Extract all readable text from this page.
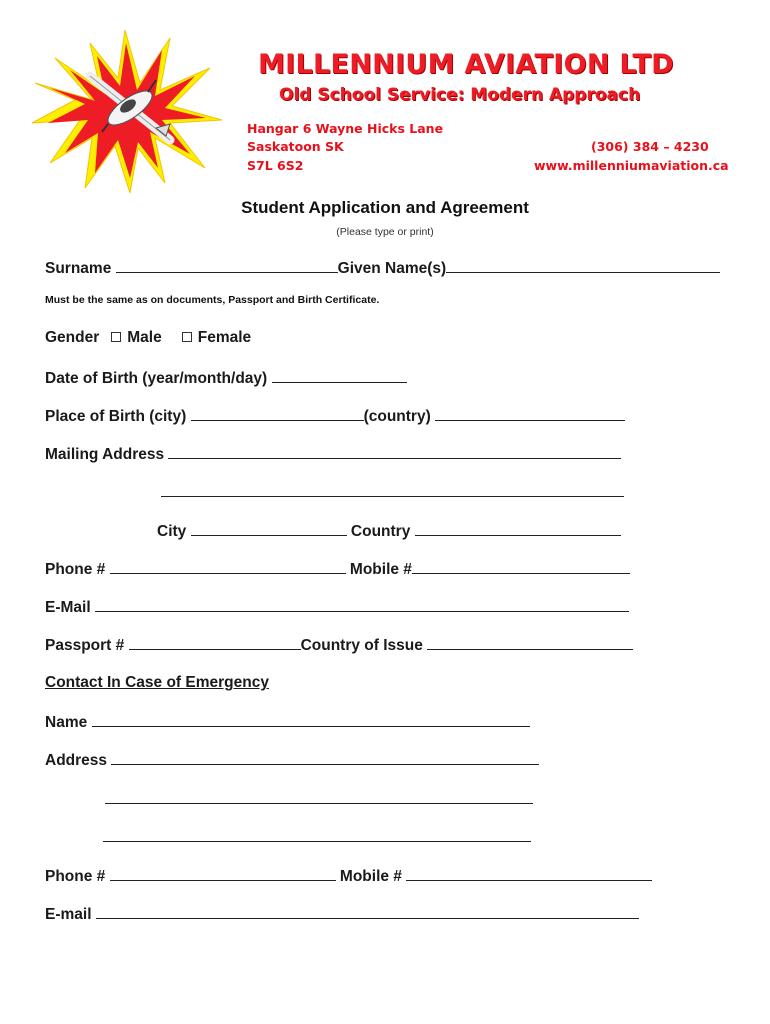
MILLENNIUM AVIATION LTD
Old School Service: Modern Approach
Hangar 6 Wayne Hicks Lane
Saskatoon SK
S7L 6S2
(306) 384 – 4230
www.millenniumaviation.ca
Student Application and Agreement
(Please type or print)
Surname	Given Name(s)
Must be the same as on documents, Passport and Birth Certificate.
Gender Male Female
Date of Birth (year/month/day)
Place of Birth (city)	(country)
Mailing Address
City	Country
Phone #	Mobile #
E-Mail
Passport #	Country of Issue
Contact In Case of Emergency
Name
Address
Phone #	Mobile #
E-mail
